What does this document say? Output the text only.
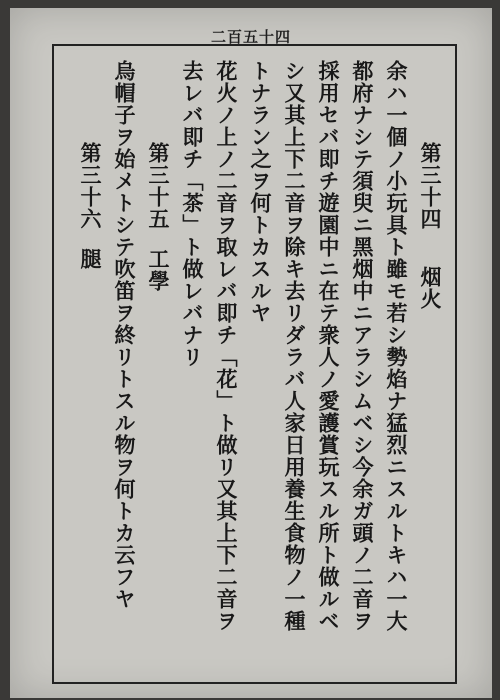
二百五十四
第三十四烟火
余ハ一個ノ小玩具ト雖モ若シ勢焰ナ猛烈ニスルトキハ一大
都府ナシテ須臾ニ黑烟中ニアラシムベシ今余ガ頭ノ二音ヲ
採用セバ即チ遊園中ニ在テ衆人ノ愛護賞玩スル所ト做ルベ
シ又其上下二音ヲ除キ去リダラバ人家日用養生食物ノ一種
トナラン之ヲ何トカスルヤ
花火ノ上ノ二音ヲ取レバ即チ「花」ト做リ又其上下二音ヲ
去レバ即チ「茶」ト做レバナリ
第三十五工學
烏帽子ヲ始メトシテ吹笛ヲ終リトスル物ヲ何トカ云フヤ
第三十六腿
